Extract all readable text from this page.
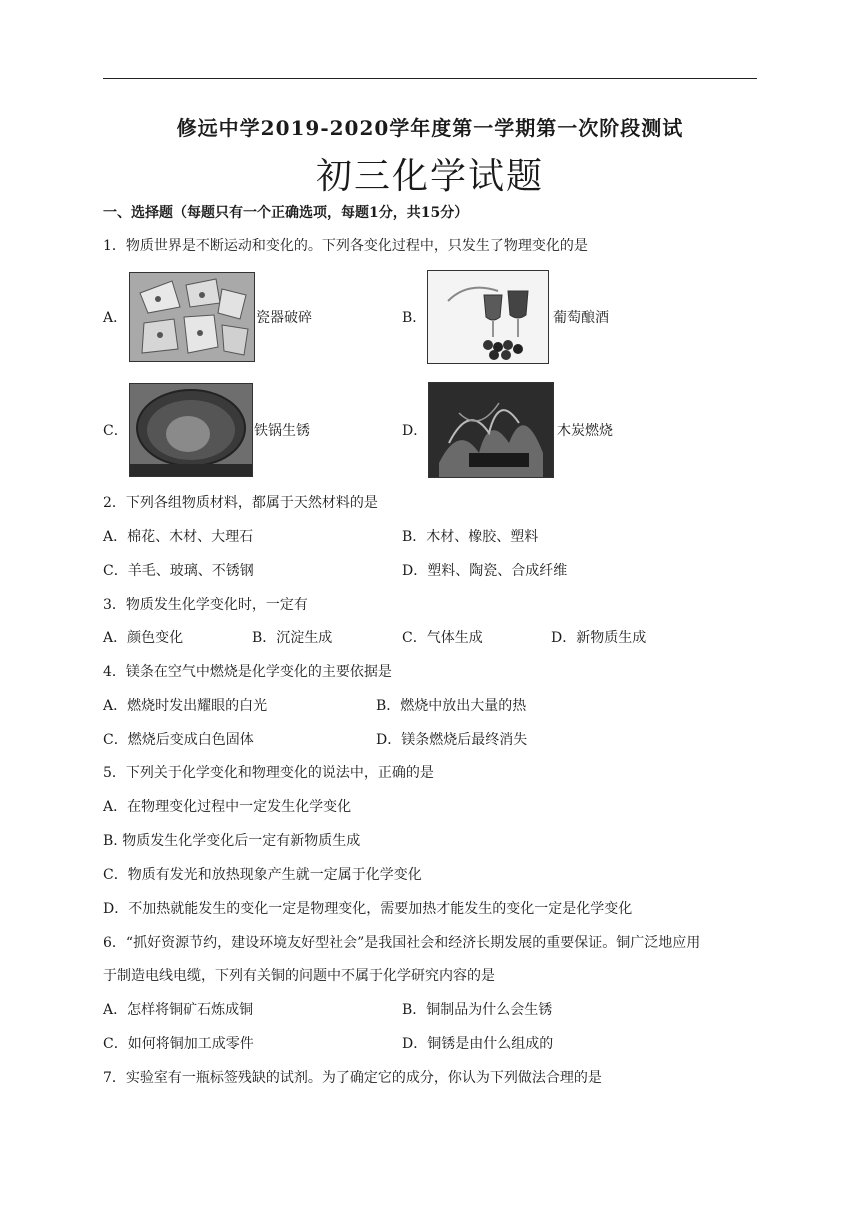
修远中学2019-2020学年度第一学期第一次阶段测试
初三化学试题
一、选择题（每题只有一个正确选项，每题1分，共15分）
1．物质世界是不断运动和变化的。下列各变化过程中，只发生了物理变化的是
A．	瓷器破碎	B．	葡萄酿酒
C．	铁锅生锈	D．	木炭燃烧
2．下列各组物质材料，都属于天然材料的是
A．棉花、木材、大理石	B．木材、橡胶、塑料
C．羊毛、玻璃、不锈钢	D．塑料、陶瓷、合成纤维
3．物质发生化学变化时，一定有
A．颜色变化	B．沉淀生成	C．气体生成	D．新物质生成
4．镁条在空气中燃烧是化学变化的主要依据是
A．燃烧时发出耀眼的白光	B．燃烧中放出大量的热
C．燃烧后变成白色固体	D．镁条燃烧后最终消失
5．下列关于化学变化和物理变化的说法中，正确的是
A．在物理变化过程中一定发生化学变化
B. 物质发生化学变化后一定有新物质生成
C．物质有发光和放热现象产生就一定属于化学变化
D．不加热就能发生的变化一定是物理变化，需要加热才能发生的变化一定是化学变化
6．“抓好资源节约，建设环境友好型社会”是我国社会和经济长期发展的重要保证。铜广泛地应用
于制造电线电缆，下列有关铜的问题中不属于化学研究内容的是
A．怎样将铜矿石炼成铜	B．铜制品为什么会生锈
C．如何将铜加工成零件	D．铜锈是由什么组成的
7．实验室有一瓶标签残缺的试剂。为了确定它的成分，你认为下列做法合理的是
